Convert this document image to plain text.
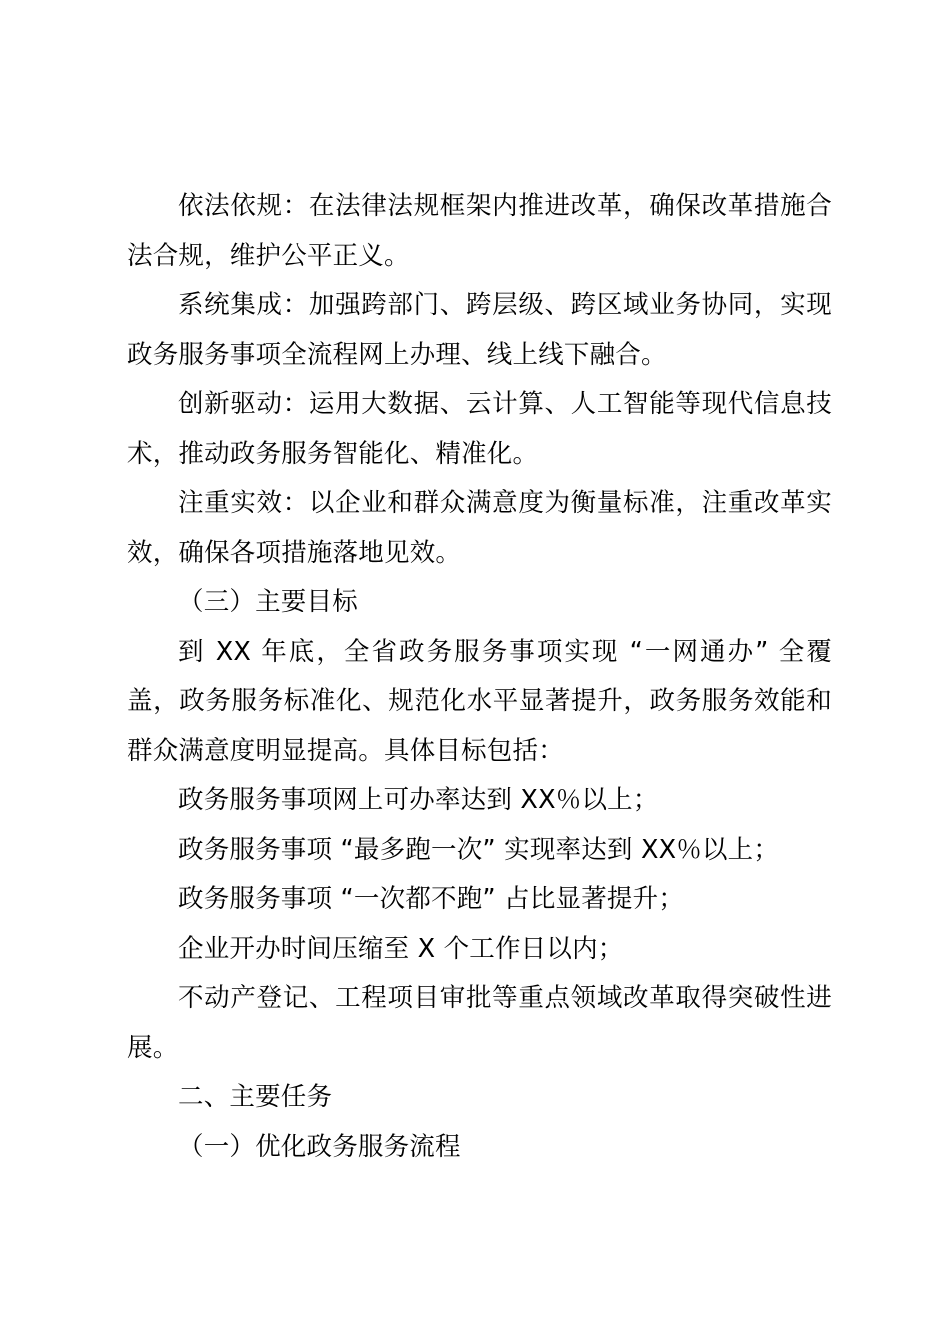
依法依规：在法律法规框架内推进改革，确保改革措施合法合规，维护公平正义。

系统集成：加强跨部门、跨层级、跨区域业务协同，实现政务服务事项全流程网上办理、线上线下融合。

创新驱动：运用大数据、云计算、人工智能等现代信息技术，推动政务服务智能化、精准化。

注重实效：以企业和群众满意度为衡量标准，注重改革实效，确保各项措施落地见效。

（三）主要目标

到 XX 年底，全省政务服务事项实现 “一网通办” 全覆盖，政务服务标准化、规范化水平显著提升，政务服务效能和群众满意度明显提高。具体目标包括：

政务服务事项网上可办率达到 XX％以上；

政务服务事项 “最多跑一次” 实现率达到 XX％以上；

政务服务事项 “一次都不跑” 占比显著提升；

企业开办时间压缩至 X 个工作日以内；

不动产登记、工程项目审批等重点领域改革取得突破性进展。

二、主要任务

（一）优化政务服务流程
